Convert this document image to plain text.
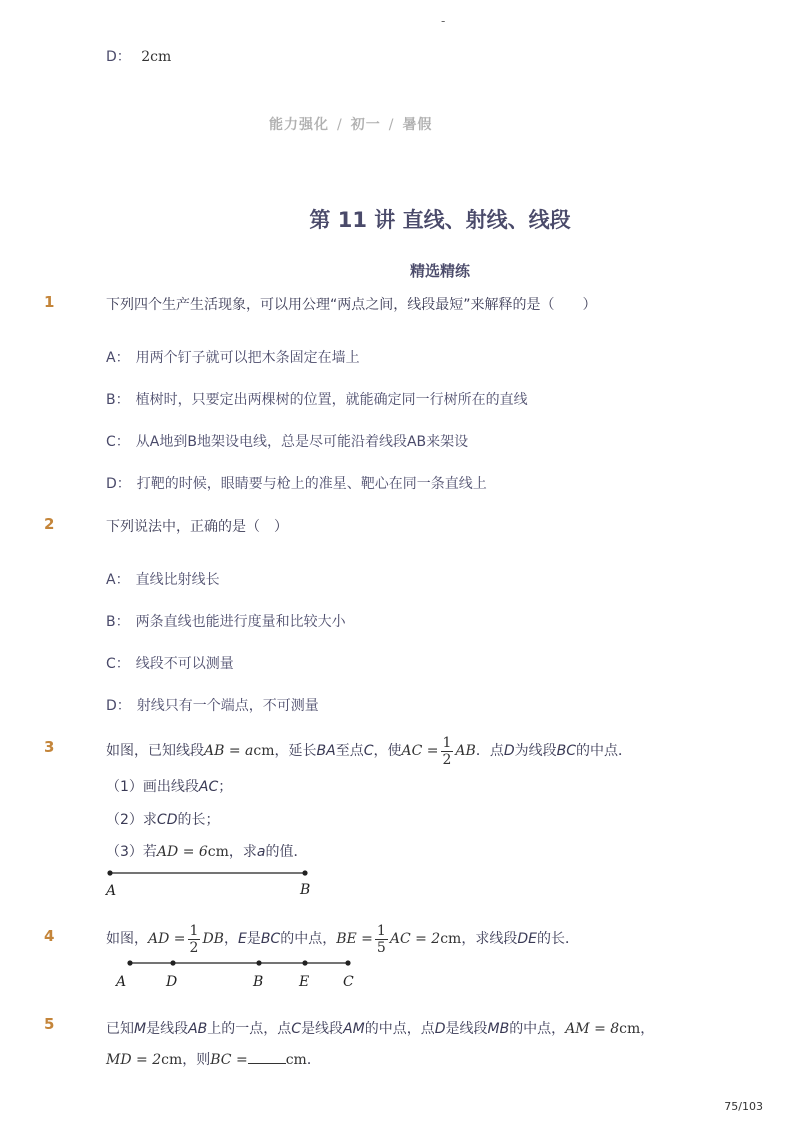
-
D： 2cm
能力强化 / 初一 / 暑假
第 11 讲 直线、射线、线段
精选精练
1	下列四个生产生活现象，可以用公理“两点之间，线段最短”来解释的是（　　）
A： 用两个钉子就可以把木条固定在墙上
B： 植树时，只要定出两棵树的位置，就能确定同一行树所在的直线
C： 从A地到B地架设电线，总是尽可能沿着线段AB来架设
D： 打靶的时候，眼睛要与枪上的准星、靶心在同一条直线上
2	下列说法中，正确的是（　）
A： 直线比射线长
B： 两条直线也能进行度量和比较大小
C： 线段不可以测量
D： 射线只有一个端点，不可测量
3	如图，已知线段AB = acm，延长BA至点C，使AC = $\frac{1}{2}$ AB．点D为线段BC的中点．
（1）画出线段AC；
（2）求CD的长；
（3）若AD = 6cm，求a的值．
A	B
4	如图，AD = $\frac{1}{2}$ DB，E是BC的中点，BE = $\frac{1}{5}$ AC = 2cm，求线段DE的长．
A	D	B	E C
5	已知M是线段AB上的一点，点C是线段AM的中点，点D是线段MB的中点，AM = 8cm，
MD = 2cm，则BC =	cm．
75/103
